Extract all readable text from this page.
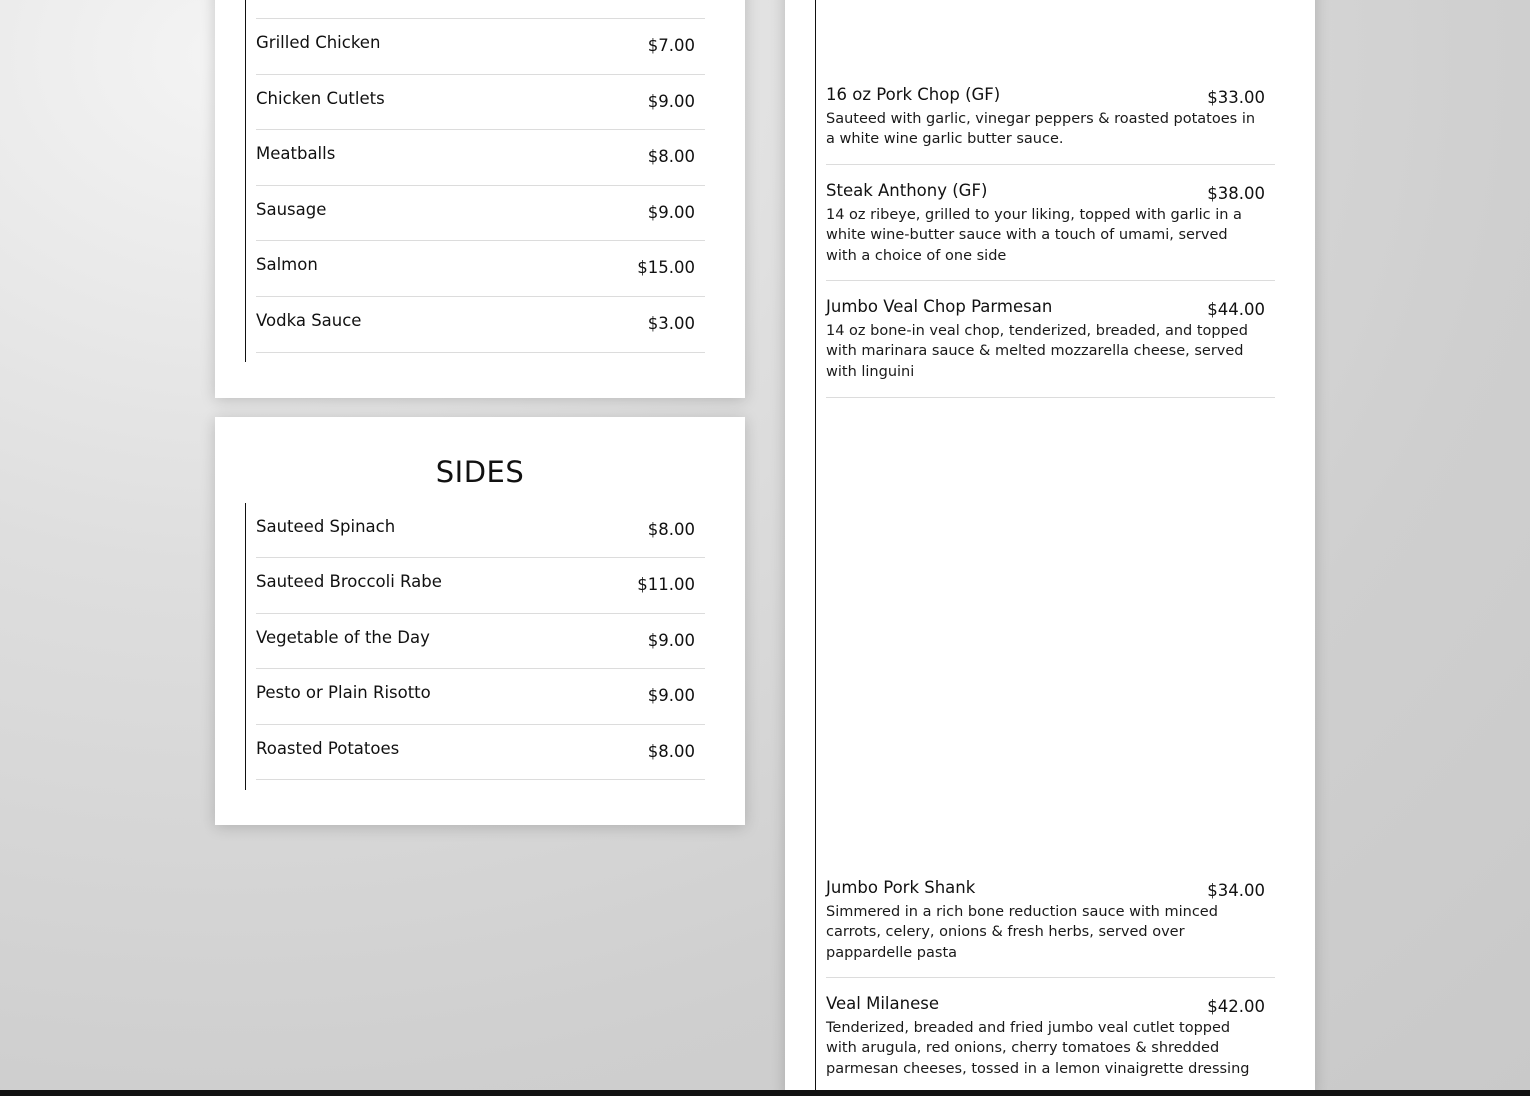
Grilled Chicken	$7.00
Chicken Cutlets	$9.00
Meatballs	$8.00
Sausage	$9.00
Salmon	$15.00
Vodka Sauce	$3.00
SIDES
Sauteed Spinach	$8.00
Sauteed Broccoli Rabe	$11.00
Vegetable of the Day	$9.00
Pesto or Plain Risotto	$9.00
Roasted Potatoes	$8.00
16 oz Pork Chop (GF)	$33.00
Sauteed with garlic, vinegar peppers & roasted potatoes in a white wine garlic butter sauce.
Steak Anthony (GF)	$38.00
14 oz ribeye, grilled to your liking, topped with garlic in a white wine-butter sauce with a touch of umami, served with a choice of one side
Jumbo Veal Chop Parmesan	$44.00
14 oz bone-in veal chop, tenderized, breaded, and topped with marinara sauce & melted mozzarella cheese, served with linguini
Jumbo Pork Shank	$34.00
Simmered in a rich bone reduction sauce with minced carrots, celery, onions & fresh herbs, served over pappardelle pasta
Veal Milanese	$42.00
Tenderized, breaded and fried jumbo veal cutlet topped with arugula, red onions, cherry tomatoes & shredded parmesan cheeses, tossed in a lemon vinaigrette dressing
